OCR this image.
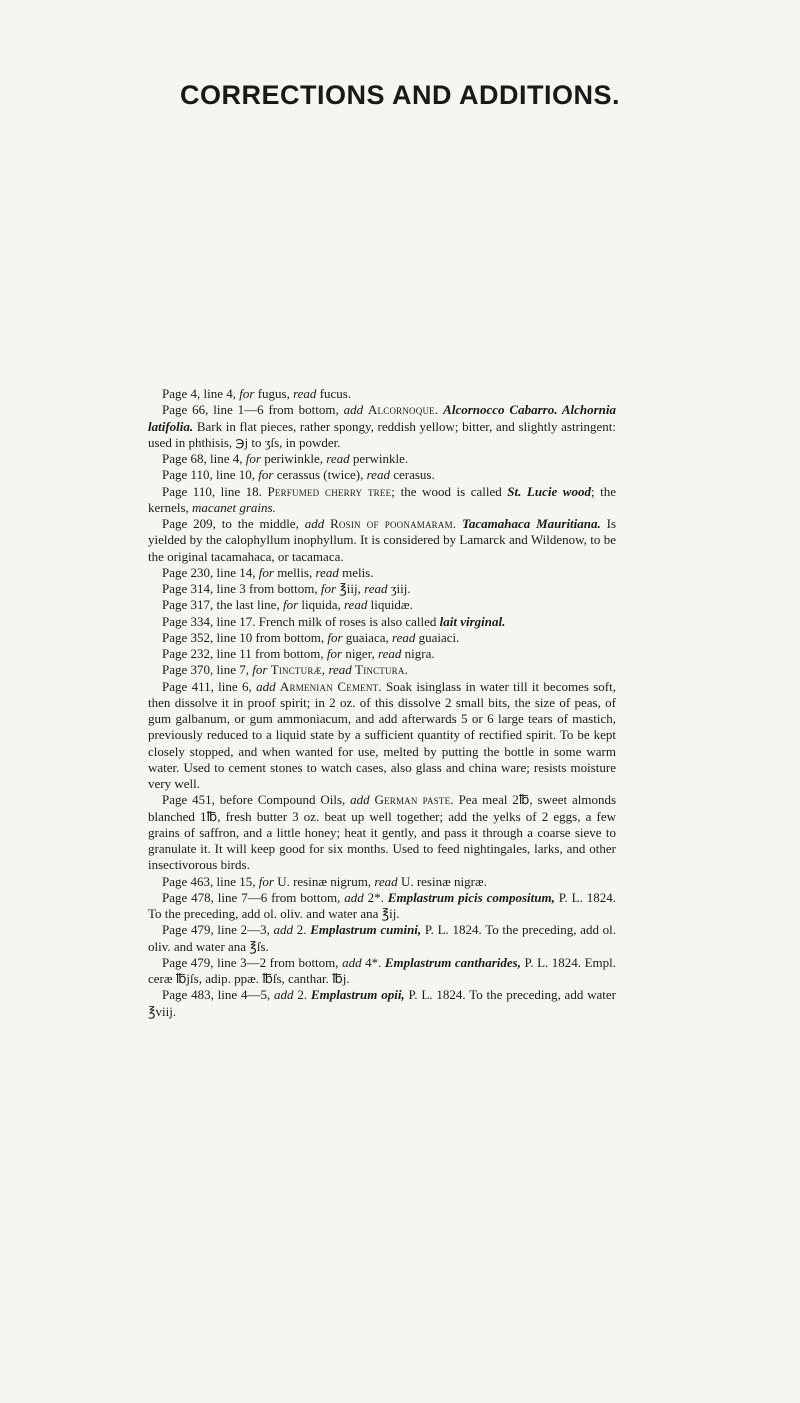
CORRECTIONS AND ADDITIONS.

Page 4, line 4, for fugus, read fucus.

Page 66, line 1—6 from bottom, add Alcornoque. Alcornocco Cabarro. Alchornia latifolia. Bark in flat pieces, rather spongy, reddish yellow; bitter, and slightly astringent: used in phthisis, ℈j to ʒſs, in powder.

Page 68, line 4, for periwinkle, read perwinkle.

Page 110, line 10, for cerassus (twice), read cerasus.

Page 110, line 18. Perfumed cherry tree; the wood is called St. Lucie wood; the kernels, macanet grains.

Page 209, to the middle, add Rosin of poonamaram. Tacamahaca Mauritiana. Is yielded by the calophyllum inophyllum. It is considered by Lamarck and Wildenow, to be the original tacamahaca, or tacamaca.

Page 230, line 14, for mellis, read melis.

Page 314, line 3 from bottom, for ℥iij, read ʒiij.

Page 317, the last line, for liquida, read liquidæ.

Page 334, line 17. French milk of roses is also called lait virginal.

Page 352, line 10 from bottom, for guaiaca, read guaiaci.

Page 232, line 11 from bottom, for niger, read nigra.

Page 370, line 7, for Tincturæ, read Tinctura.

Page 411, line 6, add Armenian Cement. Soak isinglass in water till it becomes soft, then dissolve it in proof spirit; in 2 oz. of this dissolve 2 small bits, the size of peas, of gum galbanum, or gum ammoniacum, and add afterwards 5 or 6 large tears of mastich, previously reduced to a liquid state by a sufficient quantity of rectified spirit. To be kept closely stopped, and when wanted for use, melted by putting the bottle in some warm water. Used to cement stones to watch cases, also glass and china ware; resists moisture very well.

Page 451, before Compound Oils, add German paste. Pea meal 2℔, sweet almonds blanched 1℔, fresh butter 3 oz. beat up well together; add the yelks of 2 eggs, a few grains of saffron, and a little honey; heat it gently, and pass it through a coarse sieve to granulate it. It will keep good for six months. Used to feed nightingales, larks, and other insectivorous birds.

Page 463, line 15, for U. resinæ nigrum, read U. resinæ nigræ.

Page 478, line 7—6 from bottom, add 2*. Emplastrum picis compositum, P. L. 1824. To the preceding, add ol. oliv. and water ana ℥ij.

Page 479, line 2—3, add 2. Emplastrum cumini, P. L. 1824. To the preceding, add ol. oliv. and water ana ℥ſs.

Page 479, line 3—2 from bottom, add 4*. Emplastrum cantharides, P. L. 1824. Empl. ceræ ℔jſs, adip. ppæ. ℔ſs, canthar. ℔j.

Page 483, line 4—5, add 2. Emplastrum opii, P. L. 1824. To the preceding, add water ℥viij.
